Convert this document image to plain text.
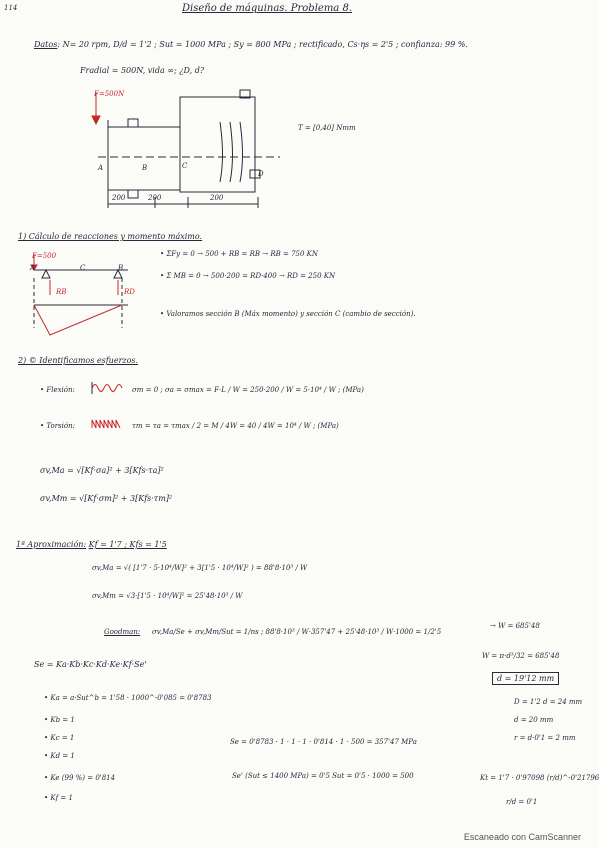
114	Diseño de máquinas. Problema 8.
Datos: N= 20 rpm, D/d = 1'2 ; Sut = 1000 MPa ; Sy = 800 MPa ; rectificado, Cs·ηs = 2'5 ; confianza: 99 %.
Fradial = 500N, vida ∞; ¿D, d?
F=500N
T = [0,40] Nmm
A	B	C
D
200	200	200
1) Cálculo de reacciones y momento máximo.
F=500
A	C	B
RB	RD
• ΣFy = 0 → 500 + RB = RB → RB = 750 KN
• Σ MB = 0 → 500·200 = RD·400 → RD = 250 KN
• Valoramos sección B (Máx momento) y sección C (cambio de sección).
2) © Identificamos esfuerzos.
• Flexión:	σm = 0 ; σa = σmax = F·L / W = 250·200 / W = 5·10⁴ / W ; (MPa)
• Torsión:	τm = τa = τmax / 2 = M / 4W = 40 / 4W = 10⁴ / W ; (MPa)
σv,Ma = √[Kf·σa]² + 3[Kfs·τa]²
σv,Mm = √[Kf·σm]² + 3[Kfs·τm]²
1ª Aproximación: Kf = 1'7 ; Kfs = 1'5
σv,Ma = √( [1'7 · 5·10⁴/W]² + 3[1'5 · 10⁴/W]² ) = 88'8·10³ / W
σv,Mm = √3·[1'5 · 10⁴/W]² = 25'48·10³ / W
Goodman: σv,Ma/Se + σv,Mm/Sut = 1/ns ; 88'8·10³ / W·357'47 + 25'48·10³ / W·1000 = 1/2'5
→ W = 685'48
W = π·d³/32 = 685'48
d = 19'12 mm
D = 1'2 d = 24 mm
d = 20 mm
r = d·0'1 = 2 mm
Se = Ka·Kb·Kc·Kd·Ke·Kf·Se'
• Ka = a·Sut^b = 1'58 · 1000^-0'085 = 0'8783
• Kb = 1
• Kc = 1
• Kd = 1
• Ke (99 %) = 0'814
• Kf = 1
Se = 0'8783 · 1 · 1 · 1 · 0'814 · 1 · 500 = 357'47 MPa
Se' (Sut ≤ 1400 MPa) = 0'5 Sut = 0'5 · 1000 = 500	Kt = 1'7 · 0'97098 (r/d)^-0'21796
r/d = 0'1
Escaneado con CamScanner
